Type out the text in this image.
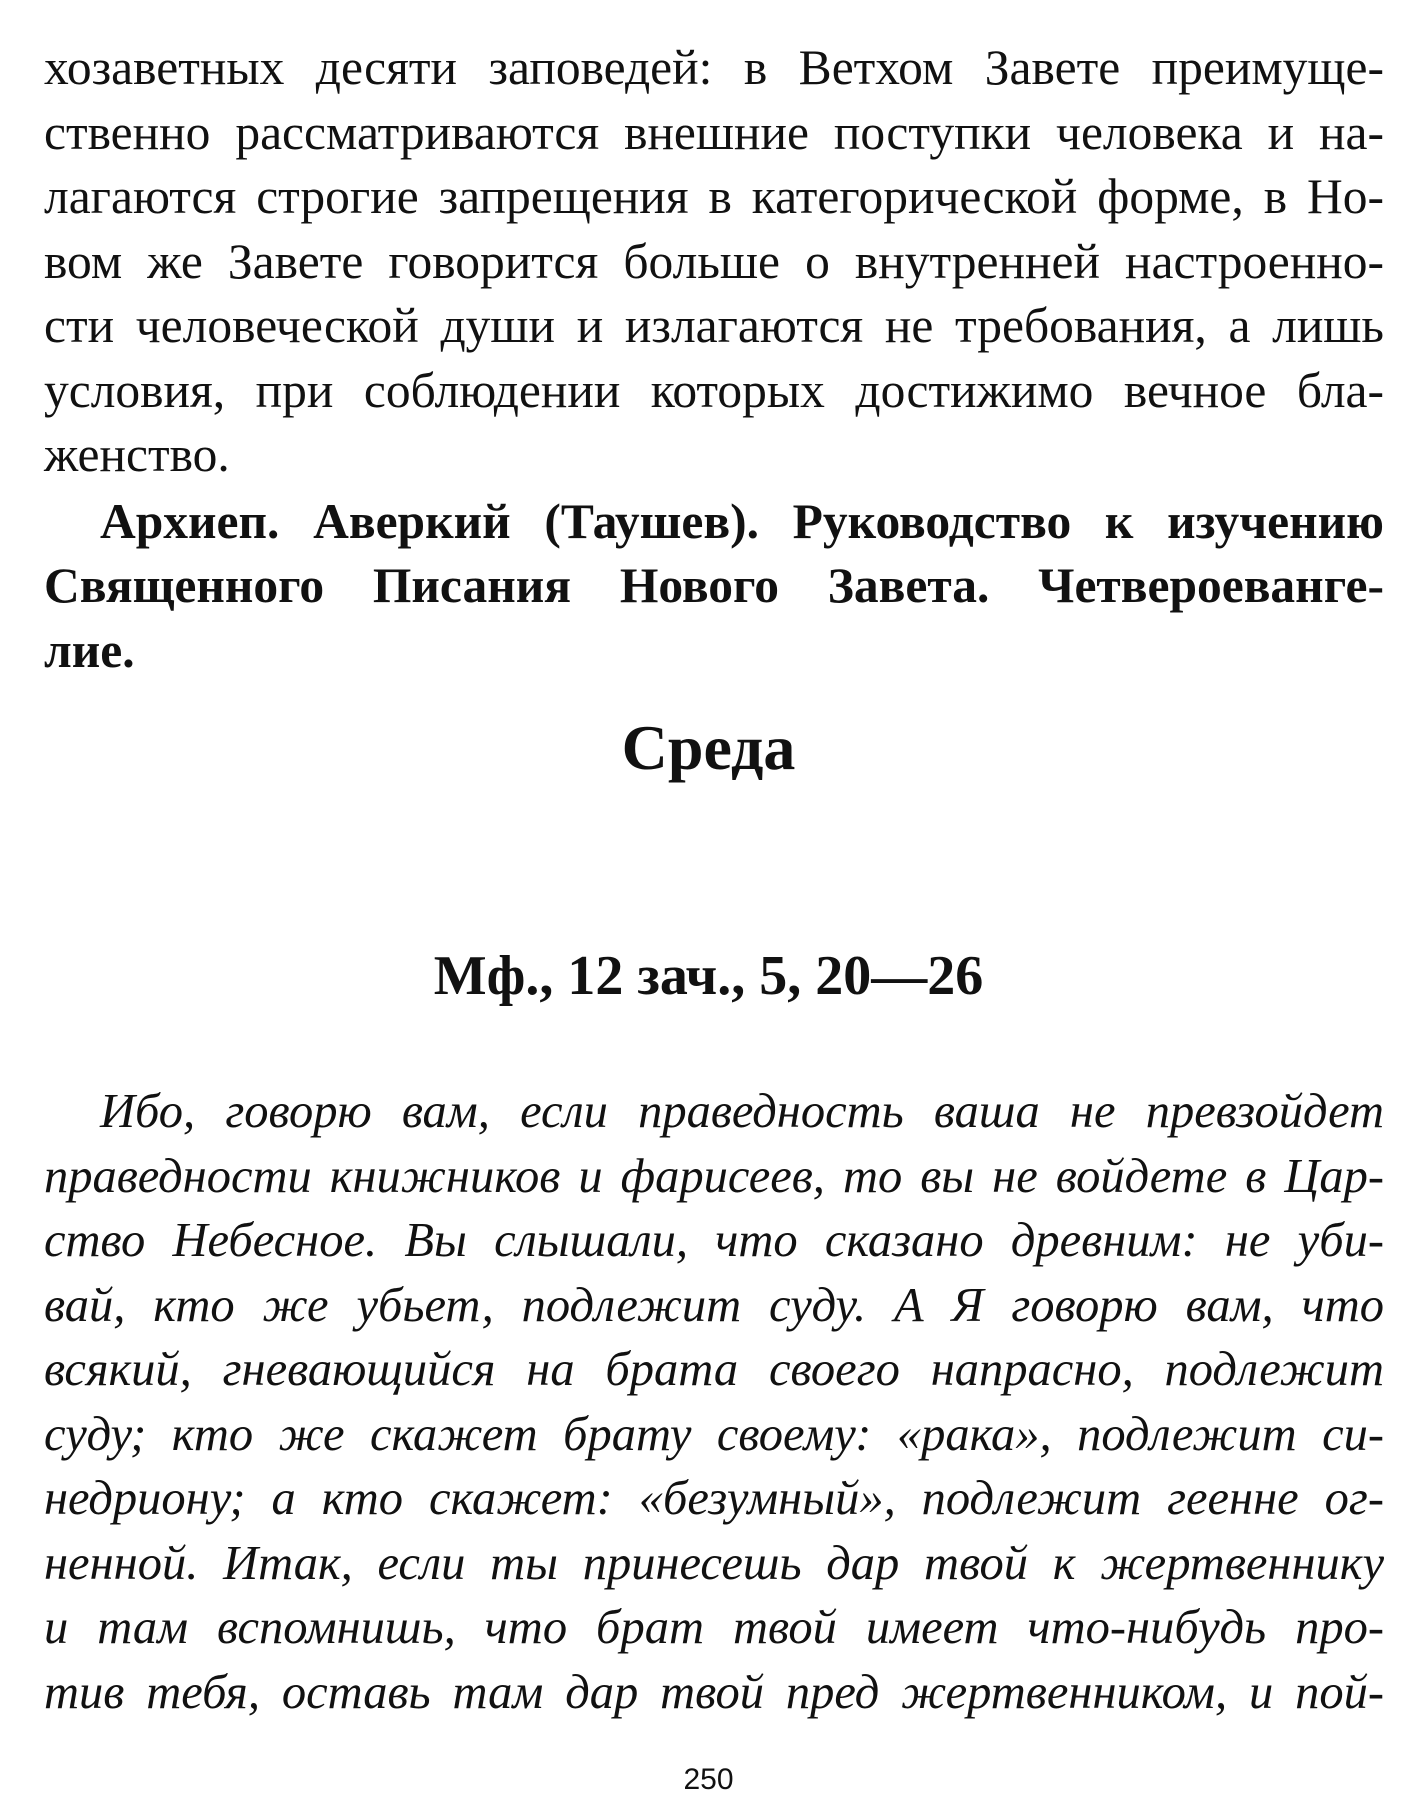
хозаветных десяти заповедей: в Ветхом Завете преимуще-
ственно рассматриваются внешние поступки человека и на-
лагаются строгие запрещения в категорической форме, в Но-
вом же Завете говорится больше о внутренней настроенно-
сти человеческой души и излагаются не требования, а лишь
условия, при соблюдении которых достижимо вечное бла-
женство.
Архиеп. Аверкий (Таушев). Руководство к изучению
Священного Писания Нового Завета. Четвероеванге-
лие.
Среда
Мф., 12 зач., 5, 20—26
Ибо, говорю вам, если праведность ваша не превзойдет
праведности книжников и фарисеев, то вы не войдете в Цар-
ство Небесное. Вы слышали, что сказано древним: не уби-
вай, кто же убьет, подлежит суду. А Я говорю вам, что
всякий, гневающийся на брата своего напрасно, подлежит
суду; кто же скажет брату своему: «рака», подлежит си-
недриону; а кто скажет: «безумный», подлежит геенне ог-
ненной. Итак, если ты принесешь дар твой к жертвеннику
и там вспомнишь, что брат твой имеет что-нибудь про-
тив тебя, оставь там дар твой пред жертвенником, и пой-
250
